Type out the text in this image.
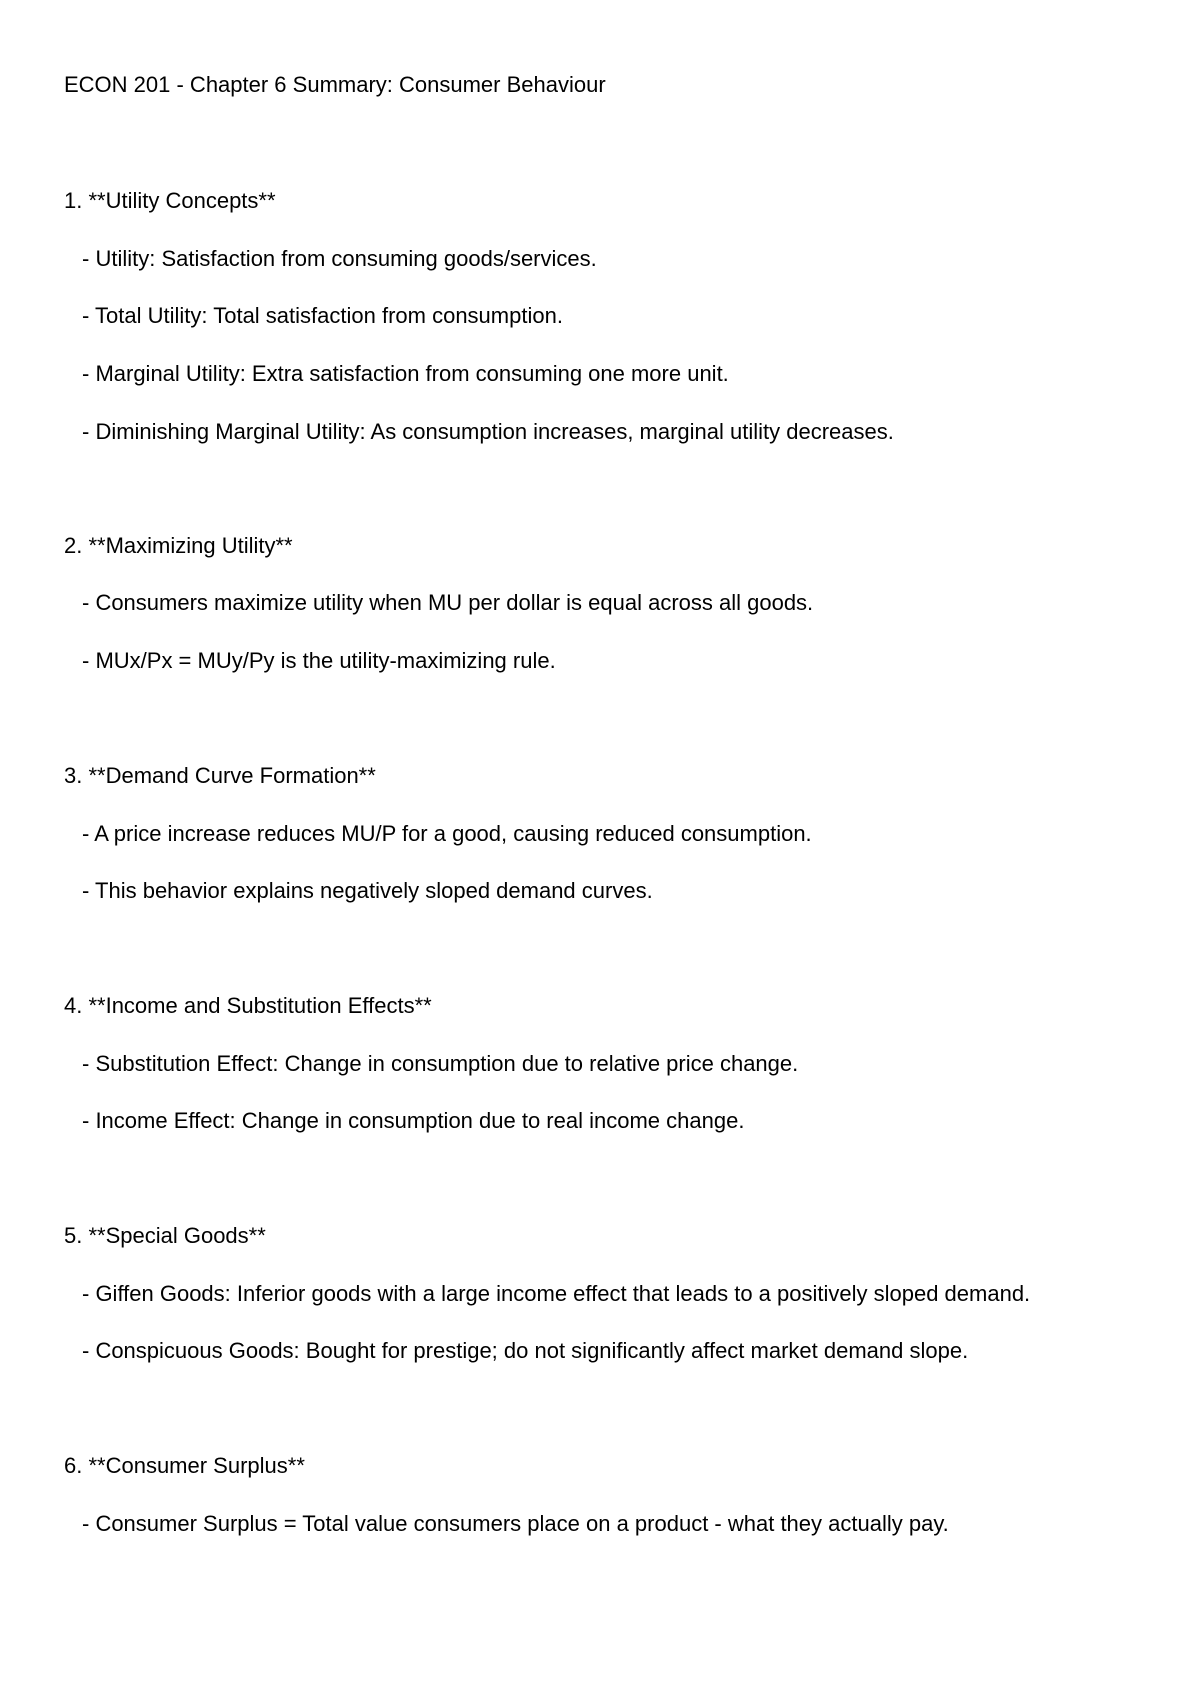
ECON 201 - Chapter 6 Summary: Consumer Behaviour
1. **Utility Concepts**
- Utility: Satisfaction from consuming goods/services.
- Total Utility: Total satisfaction from consumption.
- Marginal Utility: Extra satisfaction from consuming one more unit.
- Diminishing Marginal Utility: As consumption increases, marginal utility decreases.
2. **Maximizing Utility**
- Consumers maximize utility when MU per dollar is equal across all goods.
- MUx/Px = MUy/Py is the utility-maximizing rule.
3. **Demand Curve Formation**
- A price increase reduces MU/P for a good, causing reduced consumption.
- This behavior explains negatively sloped demand curves.
4. **Income and Substitution Effects**
- Substitution Effect: Change in consumption due to relative price change.
- Income Effect: Change in consumption due to real income change.
5. **Special Goods**
- Giffen Goods: Inferior goods with a large income effect that leads to a positively sloped demand.
- Conspicuous Goods: Bought for prestige; do not significantly affect market demand slope.
6. **Consumer Surplus**
- Consumer Surplus = Total value consumers place on a product - what they actually pay.
